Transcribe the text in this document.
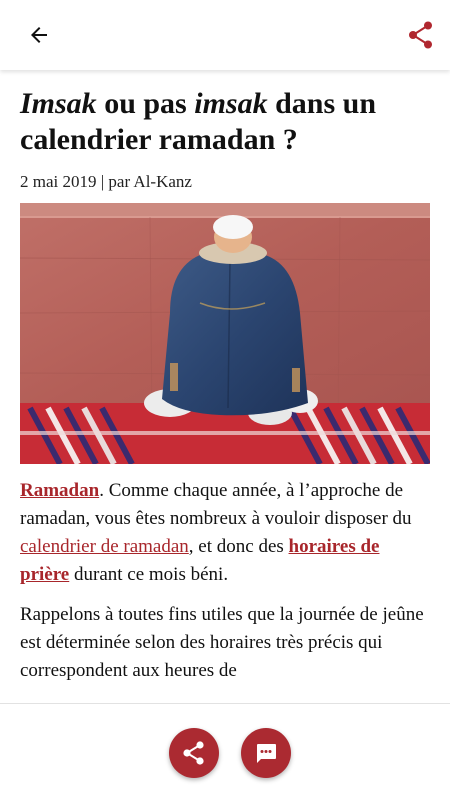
Imsak ou pas imsak dans un calendrier ramadan ?
2 mai 2019 | par Al-Kanz

Ramadan. Comme chaque année, à l’approche de ramadan, vous êtes nombreux à vouloir disposer du calendrier de ramadan, et donc des horaires de prière durant ce mois béni.

Rappelons à toutes fins utiles que la journée de jeûne est déterminée selon des horaires très précis qui correspondent aux heures de
